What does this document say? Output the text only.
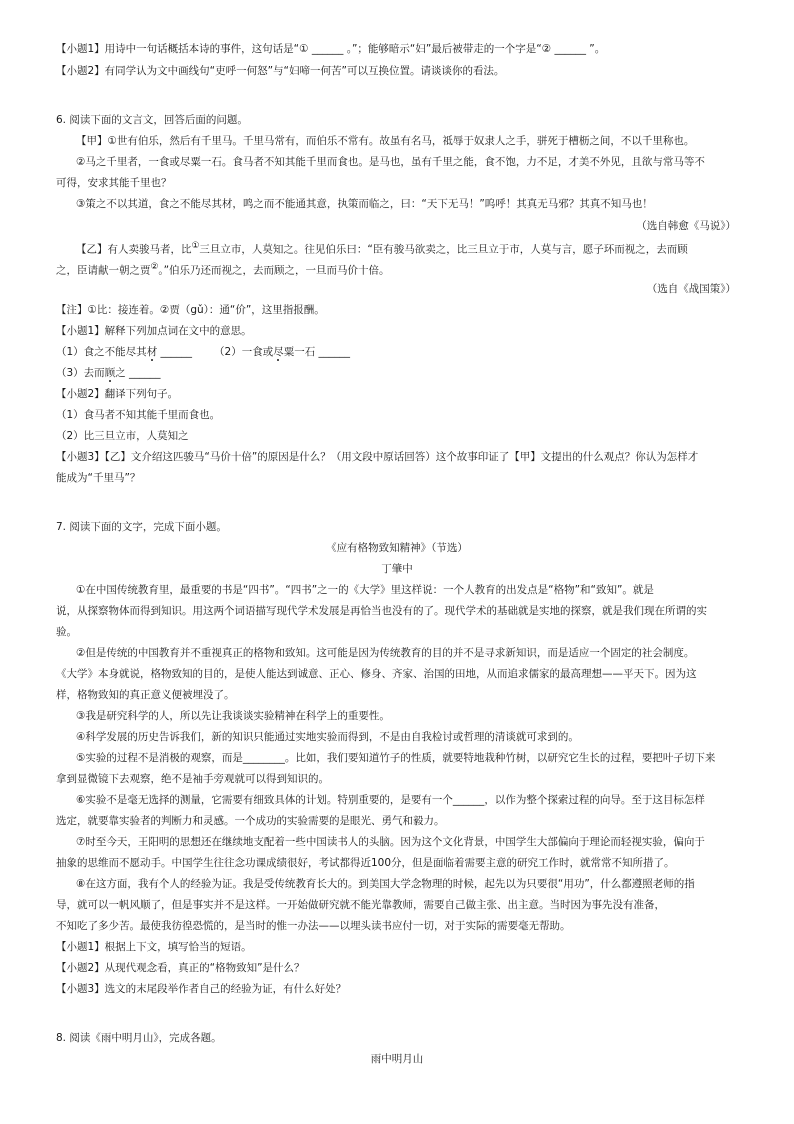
【小题1】用诗中一句话概括本诗的事件，这句话是“① ______ 。”；能够暗示“妇”最后被带走的一个字是“② ______ ”。
【小题2】有同学认为文中画线句“吏呼一何怒”与“妇啼一何苦”可以互换位置。请谈谈你的看法。
6. 阅读下面的文言文，回答后面的问题。
【甲】①世有伯乐，然后有千里马。千里马常有，而伯乐不常有。故虽有名马，祗辱于奴隶人之手，骈死于槽枥之间，不以千里称也。
②马之千里者，一食或尽粟一石。食马者不知其能千里而食也。是马也，虽有千里之能，食不饱，力不足，才美不外见，且欲与常马等不
可得，安求其能千里也？
③策之不以其道，食之不能尽其材，鸣之而不能通其意，执策而临之，曰：“天下无马！”呜呼！其真无马邪？其真不知马也！
（选自韩愈《马说》）
【乙】有人卖骏马者，比①三旦立市，人莫知之。往见伯乐曰：“臣有骏马欲卖之，比三旦立于市，人莫与言，愿子环而视之，去而顾
之，臣请献一朝之贾②。”伯乐乃还而视之，去而顾之，一旦而马价十倍。
（选自《战国策》）
【注】①比：接连着。②贾（gǔ）：通“价”，这里指报酬。
【小题1】解释下列加点词在文中的意思。
（1）食之不能尽其材 ______ （2）一食或尽粟一石 ______
（3）去而顾之 ______
【小题2】翻译下列句子。
（1）食马者不知其能千里而食也。
（2）比三旦立市，人莫知之
【小题3】【乙】文介绍这匹骏马“马价十倍”的原因是什么？（用文段中原话回答）这个故事印证了【甲】文提出的什么观点？你认为怎样才
能成为“千里马”？
7. 阅读下面的文字，完成下面小题。
《应有格物致知精神》（节选）
丁肇中
①在中国传统教育里，最重要的书是“四书”。“四书”之一的《大学》里这样说：一个人教育的出发点是“格物”和“致知”。就是
说，从探察物体而得到知识。用这两个词语描写现代学术发展是再恰当也没有的了。现代学术的基础就是实地的探察，就是我们现在所谓的实
验。
②但是传统的中国教育并不重视真正的格物和致知。这可能是因为传统教育的目的并不是寻求新知识，而是适应一个固定的社会制度。
《大学》本身就说，格物致知的目的，是使人能达到诚意、正心、修身、齐家、治国的田地，从而追求儒家的最高理想——平天下。因为这
样，格物致知的真正意义便被埋没了。
③我是研究科学的人，所以先让我谈谈实验精神在科学上的重要性。
④科学发展的历史告诉我们，新的知识只能通过实地实验而得到，不是由自我检讨或哲理的清谈就可求到的。
⑤实验的过程不是消极的观察，而是________。比如，我们要知道竹子的性质，就要特地栽种竹树，以研究它生长的过程，要把叶子切下来
拿到显微镜下去观察，绝不是袖手旁观就可以得到知识的。
⑥实验不是毫无选择的测量，它需要有细致具体的计划。特别重要的，是要有一个______，以作为整个探索过程的向导。至于这目标怎样
选定，就要靠实验者的判断力和灵感。一个成功的实验需要的是眼光、勇气和毅力。
⑦时至今天，王阳明的思想还在继续地支配着一些中国读书人的头脑。因为这个文化背景，中国学生大部偏向于理论而轻视实验，偏向于
抽象的思维而不愿动手。中国学生往往念功课成绩很好，考试都得近100分，但是面临着需要主意的研究工作时，就常常不知所措了。
⑧在这方面，我有个人的经验为证。我是受传统教育长大的。到美国大学念物理的时候，起先以为只要很“用功”，什么都遵照老师的指
导，就可以一帆风顺了，但是事实并不是这样。一开始做研究就不能光靠教师，需要自己做主张、出主意。当时因为事先没有准备，
不知吃了多少苦。最使我彷徨恐慌的，是当时的惟一办法——以埋头读书应付一切，对于实际的需要毫无帮助。
【小题1】根据上下文，填写恰当的短语。
【小题2】从现代观念看，真正的“格物致知”是什么？
【小题3】选文的末尾段举作者自己的经验为证，有什么好处？
8. 阅读《雨中明月山》，完成各题。
雨中明月山
